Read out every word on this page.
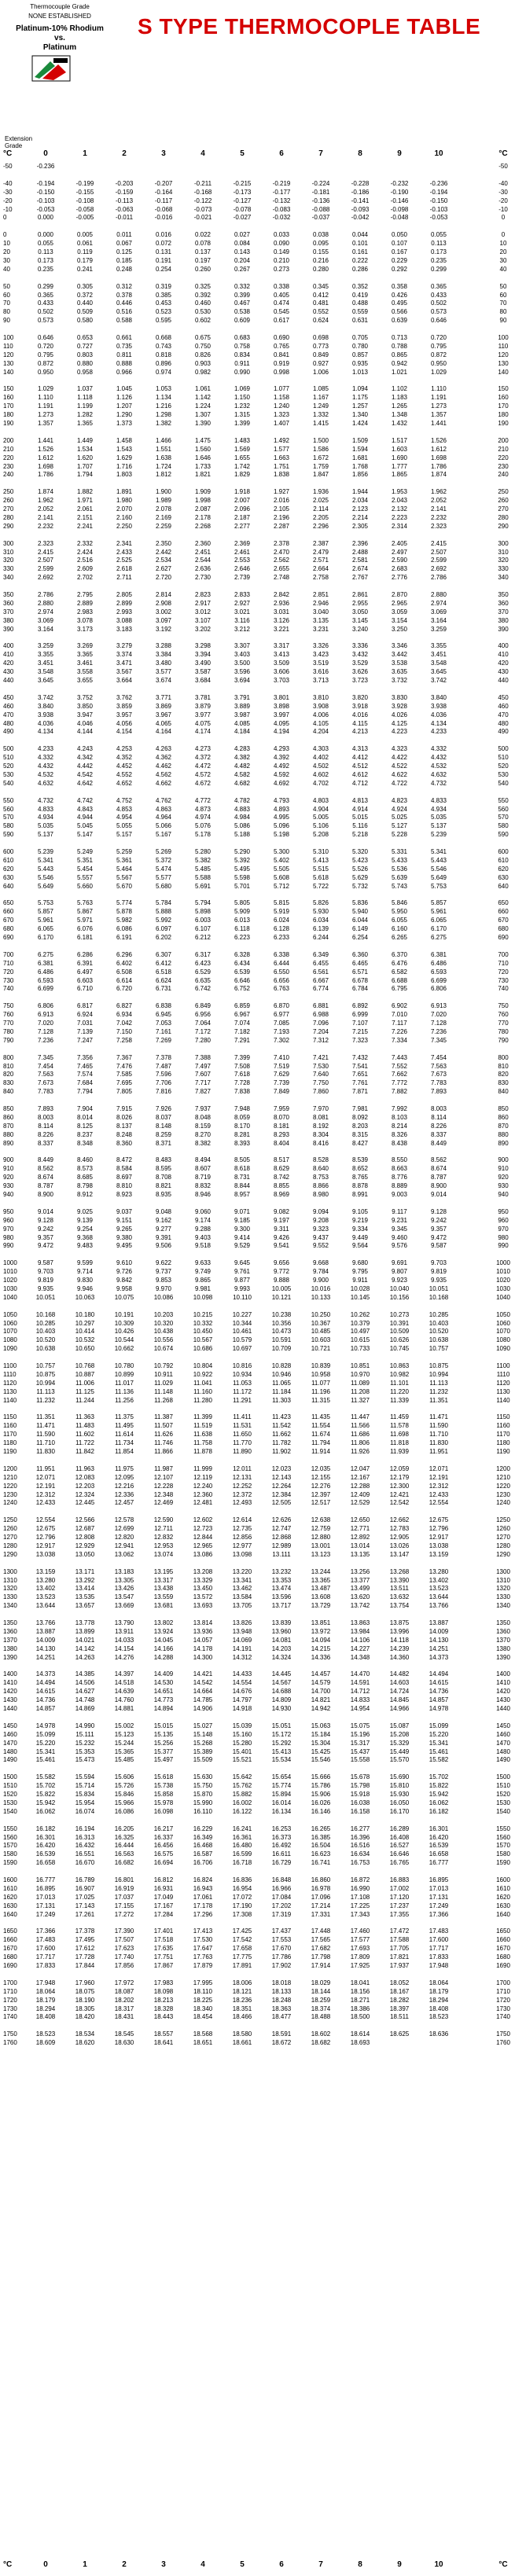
Thermocouple Grade
NONE ESTABLISHED
Platinum-10% Rhodium
vs.
Platinum
S TYPE THERMOCOPLE TABLE
Extension Grade
°C	0	1	2	3	4	5	6	7	8	9	10	°C
-50	-0.236	-50
-40	-0.194	-0.199	-0.203	-0.207	-0.211	-0.215	-0.219	-0.224	-0.228	-0.232	-0.236	-40
-30	-0.150	-0.155	-0.159	-0.164	-0.168	-0.173	-0.177	-0.181	-0.186	-0.190	-0.194	-30
-20	-0.103	-0.108	-0.113	-0.117	-0.122	-0.127	-0.132	-0.136	-0.141	-0.146	-0.150	-20
-10	-0.053	-0.058	-0.063	-0.068	-0.073	-0.078	-0.083	-0.088	-0.093	-0.098	-0.103	-10
0	0.000	-0.005	-0.011	-0.016	-0.021	-0.027	-0.032	-0.037	-0.042	-0.048	-0.053	0
0	0.000	0.005	0.011	0.016	0.022	0.027	0.033	0.038	0.044	0.050	0.055	0
10	0.055	0.061	0.067	0.072	0.078	0.084	0.090	0.095	0.101	0.107	0.113	10
20	0.113	0.119	0.125	0.131	0.137	0.143	0.149	0.155	0.161	0.167	0.173	20
30	0.173	0.179	0.185	0.191	0.197	0.204	0.210	0.216	0.222	0.229	0.235	30
40	0.235	0.241	0.248	0.254	0.260	0.267	0.273	0.280	0.286	0.292	0.299	40
50	0.299	0.305	0.312	0.319	0.325	0.332	0.338	0.345	0.352	0.358	0.365	50
60	0.365	0.372	0.378	0.385	0.392	0.399	0.405	0.412	0.419	0.426	0.433	60
70	0.433	0.440	0.446	0.453	0.460	0.467	0.474	0.481	0.488	0.495	0.502	70
80	0.502	0.509	0.516	0.523	0.530	0.538	0.545	0.552	0.559	0.566	0.573	80
90	0.573	0.580	0.588	0.595	0.602	0.609	0.617	0.624	0.631	0.639	0.646	90
100	0.646	0.653	0.661	0.668	0.675	0.683	0.690	0.698	0.705	0.713	0.720	100
110	0.720	0.727	0.735	0.743	0.750	0.758	0.765	0.773	0.780	0.788	0.795	110
120	0.795	0.803	0.811	0.818	0.826	0.834	0.841	0.849	0.857	0.865	0.872	120
130	0.872	0.880	0.888	0.896	0.903	0.911	0.919	0.927	0.935	0.942	0.950	130
140	0.950	0.958	0.966	0.974	0.982	0.990	0.998	1.006	1.013	1.021	1.029	140
150	1.029	1.037	1.045	1.053	1.061	1.069	1.077	1.085	1.094	1.102	1.110	150
160	1.110	1.118	1.126	1.134	1.142	1.150	1.158	1.167	1.175	1.183	1.191	160
170	1.191	1.199	1.207	1.216	1.224	1.232	1.240	1.249	1.257	1.265	1.273	170
180	1.273	1.282	1.290	1.298	1.307	1.315	1.323	1.332	1.340	1.348	1.357	180
190	1.357	1.365	1.373	1.382	1.390	1.399	1.407	1.415	1.424	1.432	1.441	190
200	1.441	1.449	1.458	1.466	1.475	1.483	1.492	1.500	1.509	1.517	1.526	200
210	1.526	1.534	1.543	1.551	1.560	1.569	1.577	1.586	1.594	1.603	1.612	210
220	1.612	1.620	1.629	1.638	1.646	1.655	1.663	1.672	1.681	1.690	1.698	220
230	1.698	1.707	1.716	1.724	1.733	1.742	1.751	1.759	1.768	1.777	1.786	230
240	1.786	1.794	1.803	1.812	1.821	1.829	1.838	1.847	1.856	1.865	1.874	240
250	1.874	1.882	1.891	1.900	1.909	1.918	1.927	1.936	1.944	1.953	1.962	250
260	1.962	1.971	1.980	1.989	1.998	2.007	2.016	2.025	2.034	2.043	2.052	260
270	2.052	2.061	2.070	2.078	2.087	2.096	2.105	2.114	2.123	2.132	2.141	270
280	2.141	2.151	2.160	2.169	2.178	2.187	2.196	2.205	2.214	2.223	2.232	280
290	2.232	2.241	2.250	2.259	2.268	2.277	2.287	2.296	2.305	2.314	2.323	290
300	2.323	2.332	2.341	2.350	2.360	2.369	2.378	2.387	2.396	2.405	2.415	300
310	2.415	2.424	2.433	2.442	2.451	2.461	2.470	2.479	2.488	2.497	2.507	310
320	2.507	2.516	2.525	2.534	2.544	2.553	2.562	2.571	2.581	2.590	2.599	320
330	2.599	2.609	2.618	2.627	2.636	2.646	2.655	2.664	2.674	2.683	2.692	330
340	2.692	2.702	2.711	2.720	2.730	2.739	2.748	2.758	2.767	2.776	2.786	340
350	2.786	2.795	2.805	2.814	2.823	2.833	2.842	2.851	2.861	2.870	2.880	350
360	2.880	2.889	2.899	2.908	2.917	2.927	2.936	2.946	2.955	2.965	2.974	360
370	2.974	2.983	2.993	3.002	3.012	3.021	3.031	3.040	3.050	3.059	3.069	370
380	3.069	3.078	3.088	3.097	3.107	3.116	3.126	3.135	3.145	3.154	3.164	380
390	3.164	3.173	3.183	3.192	3.202	3.212	3.221	3.231	3.240	3.250	3.259	390
400	3.259	3.269	3.279	3.288	3.298	3.307	3.317	3.326	3.336	3.346	3.355	400
410	3.355	3.365	3.374	3.384	3.394	3.403	3.413	3.423	3.432	3.442	3.451	410
420	3.451	3.461	3.471	3.480	3.490	3.500	3.509	3.519	3.529	3.538	3.548	420
430	3.548	3.558	3.567	3.577	3.587	3.596	3.606	3.616	3.626	3.635	3.645	430
440	3.645	3.655	3.664	3.674	3.684	3.694	3.703	3.713	3.723	3.732	3.742	440
450	3.742	3.752	3.762	3.771	3.781	3.791	3.801	3.810	3.820	3.830	3.840	450
460	3.840	3.850	3.859	3.869	3.879	3.889	3.898	3.908	3.918	3.928	3.938	460
470	3.938	3.947	3.957	3.967	3.977	3.987	3.997	4.006	4.016	4.026	4.036	470
480	4.036	4.046	4.056	4.065	4.075	4.085	4.095	4.105	4.115	4.125	4.134	480
490	4.134	4.144	4.154	4.164	4.174	4.184	4.194	4.204	4.213	4.223	4.233	490
500	4.233	4.243	4.253	4.263	4.273	4.283	4.293	4.303	4.313	4.323	4.332	500
510	4.332	4.342	4.352	4.362	4.372	4.382	4.392	4.402	4.412	4.422	4.432	510
520	4.432	4.442	4.452	4.462	4.472	4.482	4.492	4.502	4.512	4.522	4.532	520
530	4.532	4.542	4.552	4.562	4.572	4.582	4.592	4.602	4.612	4.622	4.632	530
540	4.632	4.642	4.652	4.662	4.672	4.682	4.692	4.702	4.712	4.722	4.732	540
550	4.732	4.742	4.752	4.762	4.772	4.782	4.793	4.803	4.813	4.823	4.833	550
560	4.833	4.843	4.853	4.863	4.873	4.883	4.893	4.904	4.914	4.924	4.934	560
570	4.934	4.944	4.954	4.964	4.974	4.984	4.995	5.005	5.015	5.025	5.035	570
580	5.035	5.045	5.055	5.066	5.076	5.086	5.096	5.106	5.116	5.127	5.137	580
590	5.137	5.147	5.157	5.167	5.178	5.188	5.198	5.208	5.218	5.228	5.239	590
600	5.239	5.249	5.259	5.269	5.280	5.290	5.300	5.310	5.320	5.331	5.341	600
610	5.341	5.351	5.361	5.372	5.382	5.392	5.402	5.413	5.423	5.433	5.443	610
620	5.443	5.454	5.464	5.474	5.485	5.495	5.505	5.515	5.526	5.536	5.546	620
630	5.546	5.557	5.567	5.577	5.588	5.598	5.608	5.618	5.629	5.639	5.649	630
640	5.649	5.660	5.670	5.680	5.691	5.701	5.712	5.722	5.732	5.743	5.753	640
650	5.753	5.763	5.774	5.784	5.794	5.805	5.815	5.826	5.836	5.846	5.857	650
660	5.857	5.867	5.878	5.888	5.898	5.909	5.919	5.930	5.940	5.950	5.961	660
670	5.961	5.971	5.982	5.992	6.003	6.013	6.024	6.034	6.044	6.055	6.065	670
680	6.065	6.076	6.086	6.097	6.107	6.118	6.128	6.139	6.149	6.160	6.170	680
690	6.170	6.181	6.191	6.202	6.212	6.223	6.233	6.244	6.254	6.265	6.275	690
700	6.275	6.286	6.296	6.307	6.317	6.328	6.338	6.349	6.360	6.370	6.381	700
710	6.381	6.391	6.402	6.412	6.423	6.434	6.444	6.455	6.465	6.476	6.486	710
720	6.486	6.497	6.508	6.518	6.529	6.539	6.550	6.561	6.571	6.582	6.593	720
730	6.593	6.603	6.614	6.624	6.635	6.646	6.656	6.667	6.678	6.688	6.699	730
740	6.699	6.710	6.720	6.731	6.742	6.752	6.763	6.774	6.784	6.795	6.806	740
750	6.806	6.817	6.827	6.838	6.849	6.859	6.870	6.881	6.892	6.902	6.913	750
760	6.913	6.924	6.934	6.945	6.956	6.967	6.977	6.988	6.999	7.010	7.020	760
770	7.020	7.031	7.042	7.053	7.064	7.074	7.085	7.096	7.107	7.117	7.128	770
780	7.128	7.139	7.150	7.161	7.172	7.182	7.193	7.204	7.215	7.226	7.236	780
790	7.236	7.247	7.258	7.269	7.280	7.291	7.302	7.312	7.323	7.334	7.345	790
800	7.345	7.356	7.367	7.378	7.388	7.399	7.410	7.421	7.432	7.443	7.454	800
810	7.454	7.465	7.476	7.487	7.497	7.508	7.519	7.530	7.541	7.552	7.563	810
820	7.563	7.574	7.585	7.596	7.607	7.618	7.629	7.640	7.651	7.662	7.673	820
830	7.673	7.684	7.695	7.706	7.717	7.728	7.739	7.750	7.761	7.772	7.783	830
840	7.783	7.794	7.805	7.816	7.827	7.838	7.849	7.860	7.871	7.882	7.893	840
850	7.893	7.904	7.915	7.926	7.937	7.948	7.959	7.970	7.981	7.992	8.003	850
860	8.003	8.014	8.026	8.037	8.048	8.059	8.070	8.081	8.092	8.103	8.114	860
870	8.114	8.125	8.137	8.148	8.159	8.170	8.181	8.192	8.203	8.214	8.226	870
880	8.226	8.237	8.248	8.259	8.270	8.281	8.293	8.304	8.315	8.326	8.337	880
890	8.337	8.348	8.360	8.371	8.382	8.393	8.404	8.416	8.427	8.438	8.449	890
900	8.449	8.460	8.472	8.483	8.494	8.505	8.517	8.528	8.539	8.550	8.562	900
910	8.562	8.573	8.584	8.595	8.607	8.618	8.629	8.640	8.652	8.663	8.674	910
920	8.674	8.685	8.697	8.708	8.719	8.731	8.742	8.753	8.765	8.776	8.787	920
930	8.787	8.798	8.810	8.821	8.832	8.844	8.855	8.866	8.878	8.889	8.900	930
940	8.900	8.912	8.923	8.935	8.946	8.957	8.969	8.980	8.991	9.003	9.014	940
950	9.014	9.025	9.037	9.048	9.060	9.071	9.082	9.094	9.105	9.117	9.128	950
960	9.128	9.139	9.151	9.162	9.174	9.185	9.197	9.208	9.219	9.231	9.242	960
970	9.242	9.254	9.265	9.277	9.288	9.300	9.311	9.323	9.334	9.345	9.357	970
980	9.357	9.368	9.380	9.391	9.403	9.414	9.426	9.437	9.449	9.460	9.472	980
990	9.472	9.483	9.495	9.506	9.518	9.529	9.541	9.552	9.564	9.576	9.587	990
1000	9.587	9.599	9.610	9.622	9.633	9.645	9.656	9.668	9.680	9.691	9.703	1000
1010	9.703	9.714	9.726	9.737	9.749	9.761	9.772	9.784	9.795	9.807	9.819	1010
1020	9.819	9.830	9.842	9.853	9.865	9.877	9.888	9.900	9.911	9.923	9.935	1020
1030	9.935	9.946	9.958	9.970	9.981	9.993	10.005	10.016	10.028	10.040	10.051	1030
1040	10.051	10.063	10.075	10.086	10.098	10.110	10.121	10.133	10.145	10.156	10.168	1040
1050	10.168	10.180	10.191	10.203	10.215	10.227	10.238	10.250	10.262	10.273	10.285	1050
1060	10.285	10.297	10.309	10.320	10.332	10.344	10.356	10.367	10.379	10.391	10.403	1060
1070	10.403	10.414	10.426	10.438	10.450	10.461	10.473	10.485	10.497	10.509	10.520	1070
1080	10.520	10.532	10.544	10.556	10.567	10.579	10.591	10.603	10.615	10.626	10.638	1080
1090	10.638	10.650	10.662	10.674	10.686	10.697	10.709	10.721	10.733	10.745	10.757	1090
1100	10.757	10.768	10.780	10.792	10.804	10.816	10.828	10.839	10.851	10.863	10.875	1100
1110	10.875	10.887	10.899	10.911	10.922	10.934	10.946	10.958	10.970	10.982	10.994	1110
1120	10.994	11.006	11.017	11.029	11.041	11.053	11.065	11.077	11.089	11.101	11.113	1120
1130	11.113	11.125	11.136	11.148	11.160	11.172	11.184	11.196	11.208	11.220	11.232	1130
1140	11.232	11.244	11.256	11.268	11.280	11.291	11.303	11.315	11.327	11.339	11.351	1140
1150	11.351	11.363	11.375	11.387	11.399	11.411	11.423	11.435	11.447	11.459	11.471	1150
1160	11.471	11.483	11.495	11.507	11.519	11.531	11.542	11.554	11.566	11.578	11.590	1160
1170	11.590	11.602	11.614	11.626	11.638	11.650	11.662	11.674	11.686	11.698	11.710	1170
1180	11.710	11.722	11.734	11.746	11.758	11.770	11.782	11.794	11.806	11.818	11.830	1180
1190	11.830	11.842	11.854	11.866	11.878	11.890	11.902	11.914	11.926	11.939	11.951	1190
1200	11.951	11.963	11.975	11.987	11.999	12.011	12.023	12.035	12.047	12.059	12.071	1200
1210	12.071	12.083	12.095	12.107	12.119	12.131	12.143	12.155	12.167	12.179	12.191	1210
1220	12.191	12.203	12.216	12.228	12.240	12.252	12.264	12.276	12.288	12.300	12.312	1220
1230	12.312	12.324	12.336	12.348	12.360	12.372	12.384	12.397	12.409	12.421	12.433	1230
1240	12.433	12.445	12.457	12.469	12.481	12.493	12.505	12.517	12.529	12.542	12.554	1240
1250	12.554	12.566	12.578	12.590	12.602	12.614	12.626	12.638	12.650	12.662	12.675	1250
1260	12.675	12.687	12.699	12.711	12.723	12.735	12.747	12.759	12.771	12.783	12.796	1260
1270	12.796	12.808	12.820	12.832	12.844	12.856	12.868	12.880	12.892	12.905	12.917	1270
1280	12.917	12.929	12.941	12.953	12.965	12.977	12.989	13.001	13.014	13.026	13.038	1280
1290	13.038	13.050	13.062	13.074	13.086	13.098	13.111	13.123	13.135	13.147	13.159	1290
1300	13.159	13.171	13.183	13.195	13.208	13.220	13.232	13.244	13.256	13.268	13.280	1300
1310	13.280	13.292	13.305	13.317	13.329	13.341	13.353	13.365	13.377	13.390	13.402	1310
1320	13.402	13.414	13.426	13.438	13.450	13.462	13.474	13.487	13.499	13.511	13.523	1320
1330	13.523	13.535	13.547	13.559	13.572	13.584	13.596	13.608	13.620	13.632	13.644	1330
1340	13.644	13.657	13.669	13.681	13.693	13.705	13.717	13.729	13.742	13.754	13.766	1340
1350	13.766	13.778	13.790	13.802	13.814	13.826	13.839	13.851	13.863	13.875	13.887	1350
1360	13.887	13.899	13.911	13.924	13.936	13.948	13.960	13.972	13.984	13.996	14.009	1360
1370	14.009	14.021	14.033	14.045	14.057	14.069	14.081	14.094	14.106	14.118	14.130	1370
1380	14.130	14.142	14.154	14.166	14.178	14.191	14.203	14.215	14.227	14.239	14.251	1380
1390	14.251	14.263	14.276	14.288	14.300	14.312	14.324	14.336	14.348	14.360	14.373	1390
1400	14.373	14.385	14.397	14.409	14.421	14.433	14.445	14.457	14.470	14.482	14.494	1400
1410	14.494	14.506	14.518	14.530	14.542	14.554	14.567	14.579	14.591	14.603	14.615	1410
1420	14.615	14.627	14.639	14.651	14.664	14.676	14.688	14.700	14.712	14.724	14.736	1420
1430	14.736	14.748	14.760	14.773	14.785	14.797	14.809	14.821	14.833	14.845	14.857	1430
1440	14.857	14.869	14.881	14.894	14.906	14.918	14.930	14.942	14.954	14.966	14.978	1440
1450	14.978	14.990	15.002	15.015	15.027	15.039	15.051	15.063	15.075	15.087	15.099	1450
1460	15.099	15.111	15.123	15.135	15.148	15.160	15.172	15.184	15.196	15.208	15.220	1460
1470	15.220	15.232	15.244	15.256	15.268	15.280	15.292	15.304	15.317	15.329	15.341	1470
1480	15.341	15.353	15.365	15.377	15.389	15.401	15.413	15.425	15.437	15.449	15.461	1480
1490	15.461	15.473	15.485	15.497	15.509	15.521	15.534	15.546	15.558	15.570	15.582	1490
1500	15.582	15.594	15.606	15.618	15.630	15.642	15.654	15.666	15.678	15.690	15.702	1500
1510	15.702	15.714	15.726	15.738	15.750	15.762	15.774	15.786	15.798	15.810	15.822	1510
1520	15.822	15.834	15.846	15.858	15.870	15.882	15.894	15.906	15.918	15.930	15.942	1520
1530	15.942	15.954	15.966	15.978	15.990	16.002	16.014	16.026	16.038	16.050	16.062	1530
1540	16.062	16.074	16.086	16.098	16.110	16.122	16.134	16.146	16.158	16.170	16.182	1540
1550	16.182	16.194	16.205	16.217	16.229	16.241	16.253	16.265	16.277	16.289	16.301	1550
1560	16.301	16.313	16.325	16.337	16.349	16.361	16.373	16.385	16.396	16.408	16.420	1560
1570	16.420	16.432	16.444	16.456	16.468	16.480	16.492	16.504	16.516	16.527	16.539	1570
1580	16.539	16.551	16.563	16.575	16.587	16.599	16.611	16.623	16.634	16.646	16.658	1580
1590	16.658	16.670	16.682	16.694	16.706	16.718	16.729	16.741	16.753	16.765	16.777	1590
1600	16.777	16.789	16.801	16.812	16.824	16.836	16.848	16.860	16.872	16.883	16.895	1600
1610	16.895	16.907	16.919	16.931	16.943	16.954	16.966	16.978	16.990	17.002	17.013	1610
1620	17.013	17.025	17.037	17.049	17.061	17.072	17.084	17.096	17.108	17.120	17.131	1620
1630	17.131	17.143	17.155	17.167	17.178	17.190	17.202	17.214	17.225	17.237	17.249	1630
1640	17.249	17.261	17.272	17.284	17.296	17.308	17.319	17.331	17.343	17.355	17.366	1640
1650	17.366	17.378	17.390	17.401	17.413	17.425	17.437	17.448	17.460	17.472	17.483	1650
1660	17.483	17.495	17.507	17.518	17.530	17.542	17.553	17.565	17.577	17.588	17.600	1660
1670	17.600	17.612	17.623	17.635	17.647	17.658	17.670	17.682	17.693	17.705	17.717	1670
1680	17.717	17.728	17.740	17.751	17.763	17.775	17.786	17.798	17.809	17.821	17.833	1680
1690	17.833	17.844	17.856	17.867	17.879	17.891	17.902	17.914	17.925	17.937	17.948	1690
1700	17.948	17.960	17.972	17.983	17.995	18.006	18.018	18.029	18.041	18.052	18.064	1700
1710	18.064	18.075	18.087	18.098	18.110	18.121	18.133	18.144	18.156	18.167	18.179	1710
1720	18.179	18.190	18.202	18.213	18.225	18.236	18.248	18.259	18.271	18.282	18.294	1720
1730	18.294	18.305	18.317	18.328	18.340	18.351	18.363	18.374	18.386	18.397	18.408	1730
1740	18.408	18.420	18.431	18.443	18.454	18.466	18.477	18.488	18.500	18.511	18.523	1740
1750	18.523	18.534	18.545	18.557	18.568	18.580	18.591	18.602	18.614	18.625	18.636	1750
1760	18.609	18.620	18.630	18.641	18.651	18.661	18.672	18.682	18.693	1760
°C	0	1	2	3	4	5	6	7	8	9	10	°C
